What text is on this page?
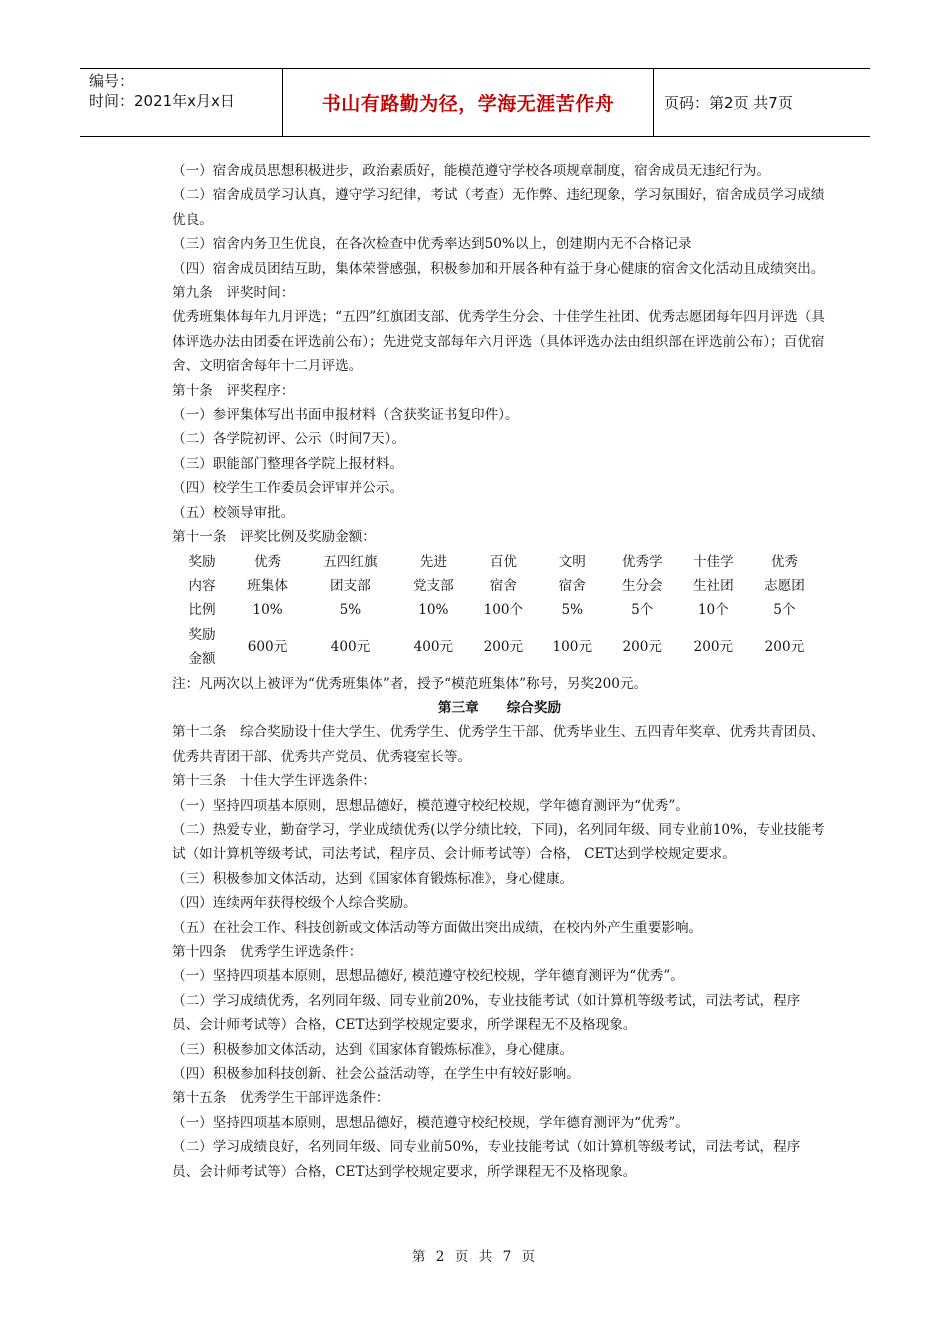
编号：
时间：2021年x月x日	书山有路勤为径，学海无涯苦作舟	页码：第2页 共7页

（一）宿舍成员思想积极进步，政治素质好，能模范遵守学校各项规章制度，宿舍成员无违纪行为。

（二）宿舍成员学习认真，遵守学习纪律，考试（考查）无作弊、违纪现象，学习氛围好，宿舍成员学习成绩优良。

（三）宿舍内务卫生优良，在各次检查中优秀率达到50%以上，创建期内无不合格记录

（四）宿舍成员团结互助，集体荣誉感强，积极参加和开展各种有益于身心健康的宿舍文化活动且成绩突出。

第九条　评奖时间：

优秀班集体每年九月评选；“五四”红旗团支部、优秀学生分会、十佳学生社团、优秀志愿团每年四月评选（具体评选办法由团委在评选前公布）；先进党支部每年六月评选（具体评选办法由组织部在评选前公布）；百优宿舍、文明宿舍每年十二月评选。

第十条　评奖程序：

（一）参评集体写出书面申报材料（含获奖证书复印件）。

（二）各学院初评、公示（时间7天）。

（三）职能部门整理各学院上报材料。

（四）校学生工作委员会评审并公示。

（五）校领导审批。

第十一条　评奖比例及奖励金额：

奖励	优秀	五四红旗	先进	百优	文明	优秀学	十佳学	优秀
内容	班集体	团支部	党支部	宿舍	宿舍	生分会	生社团	志愿团
比例	10%	5%	10%	100个	5%	5个	10个	5个

奖励
金额	600元	400元	400元	200元	100元	200元	200元	200元

注：凡两次以上被评为“优秀班集体”者，授予“模范班集体”称号，另奖200元。

第三章 综合奖励

第十二条　综合奖励设十佳大学生、优秀学生、优秀学生干部、优秀毕业生、五四青年奖章、优秀共青团员、优秀共青团干部、优秀共产党员、优秀寝室长等。

第十三条　十佳大学生评选条件：

（一）坚持四项基本原则，思想品德好，模范遵守校纪校规，学年德育测评为“优秀”。

（二）热爱专业，勤奋学习，学业成绩优秀(以学分绩比较，下同)，名列同年级、同专业前10%，专业技能考试（如计算机等级考试，司法考试，程序员、会计师考试等）合格， CET达到学校规定要求。

（三）积极参加文体活动，达到《国家体育锻炼标准》，身心健康。

（四）连续两年获得校级个人综合奖励。

（五）在社会工作、科技创新或文体活动等方面做出突出成绩，在校内外产生重要影响。

第十四条　优秀学生评选条件：

（一）坚持四项基本原则，思想品德好, 模范遵守校纪校规，学年德育测评为“优秀”。

（二）学习成绩优秀，名列同年级、同专业前20%，专业技能考试（如计算机等级考试，司法考试，程序员、会计师考试等）合格，CET达到学校规定要求，所学课程无不及格现象。

（三）积极参加文体活动，达到《国家体育锻炼标准》，身心健康。

（四）积极参加科技创新、社会公益活动等，在学生中有较好影响。

第十五条　优秀学生干部评选条件：

（一）坚持四项基本原则，思想品德好，模范遵守校纪校规，学年德育测评为“优秀”。

（二）学习成绩良好，名列同年级、同专业前50%，专业技能考试（如计算机等级考试，司法考试，程序员、会计师考试等）合格，CET达到学校规定要求，所学课程无不及格现象。

第 2 页 共 7 页
